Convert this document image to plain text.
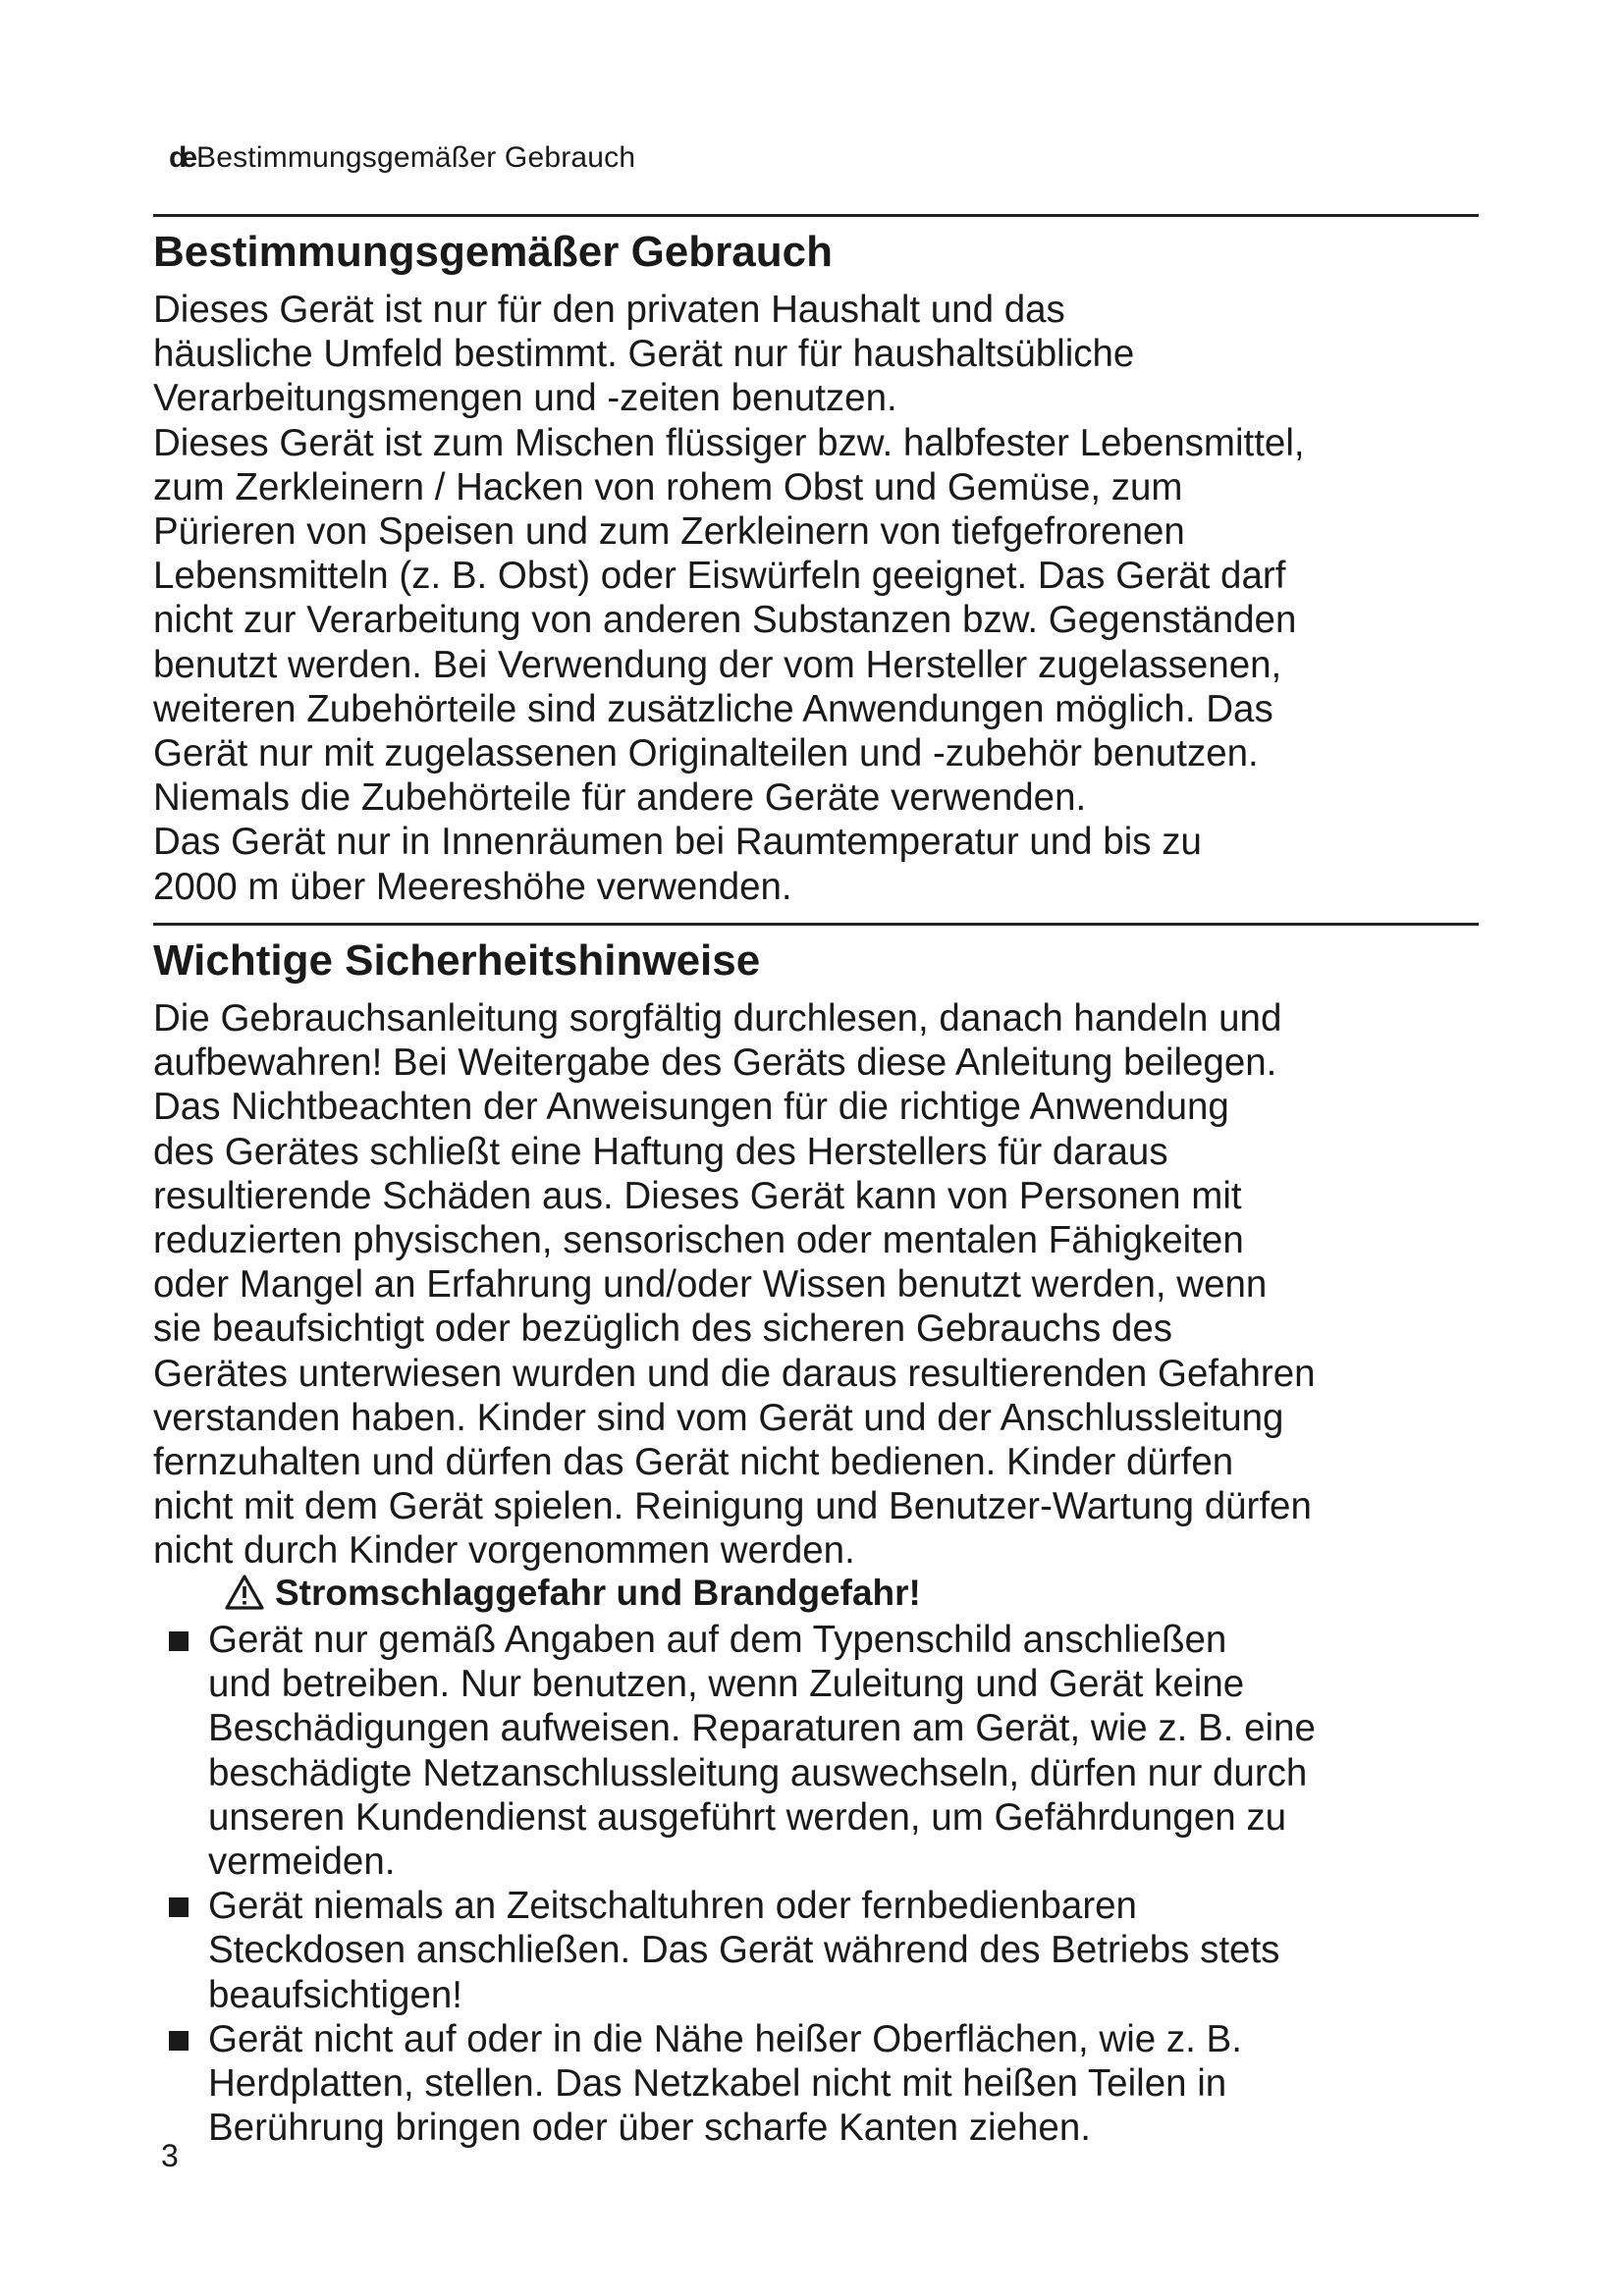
de Bestimmungsgemäßer Gebrauch
Bestimmungsgemäßer Gebrauch
Dieses Gerät ist nur für den privaten Haushalt und das
häusliche Umfeld bestimmt. Gerät nur für haushaltsübliche
Verarbeitungsmengen und -zeiten benutzen.
Dieses Gerät ist zum Mischen flüssiger bzw. halbfester Lebensmittel,
zum Zerkleinern / Hacken von rohem Obst und Gemüse, zum
Pürieren von Speisen und zum Zerkleinern von tiefgefrorenen
Lebensmitteln (z. B. Obst) oder Eiswürfeln geeignet. Das Gerät darf
nicht zur Verarbeitung von anderen Substanzen bzw. Gegenständen
benutzt werden. Bei Verwendung der vom Hersteller zugelassenen,
weiteren Zubehörteile sind zusätzliche Anwendungen möglich. Das
Gerät nur mit zugelassenen Originalteilen und -zubehör benutzen.
Niemals die Zubehörteile für andere Geräte verwenden.
Das Gerät nur in Innenräumen bei Raumtemperatur und bis zu
2000 m über Meereshöhe verwenden.
Wichtige Sicherheitshinweise
Die Gebrauchsanleitung sorgfältig durchlesen, danach handeln und
aufbewahren! Bei Weitergabe des Geräts diese Anleitung beilegen.
Das Nichtbeachten der Anweisungen für die richtige Anwendung
des Gerätes schließt eine Haftung des Herstellers für daraus
resultierende Schäden aus. Dieses Gerät kann von Personen mit
reduzierten physischen, sensorischen oder mentalen Fähigkeiten
oder Mangel an Erfahrung und/oder Wissen benutzt werden, wenn
sie beaufsichtigt oder bezüglich des sicheren Gebrauchs des
Gerätes unterwiesen wurden und die daraus resultierenden Gefahren
verstanden haben. Kinder sind vom Gerät und der Anschlussleitung
fernzuhalten und dürfen das Gerät nicht bedienen. Kinder dürfen
nicht mit dem Gerät spielen. Reinigung und Benutzer-Wartung dürfen
nicht durch Kinder vorgenommen werden.
Stromschlaggefahr und Brandgefahr!
Gerät nur gemäß Angaben auf dem Typenschild anschließen
und betreiben. Nur benutzen, wenn Zuleitung und Gerät keine
Beschädigungen aufweisen. Reparaturen am Gerät, wie z. B. eine
beschädigte Netzanschlussleitung auswechseln, dürfen nur durch
unseren Kundendienst ausgeführt werden, um Gefährdungen zu
vermeiden.
Gerät niemals an Zeitschaltuhren oder fernbedienbaren
Steckdosen anschließen. Das Gerät während des Betriebs stets
beaufsichtigen!
Gerät nicht auf oder in die Nähe heißer Oberflächen, wie z. B.
Herdplatten, stellen. Das Netzkabel nicht mit heißen Teilen in
Berührung bringen oder über scharfe Kanten ziehen.
3
